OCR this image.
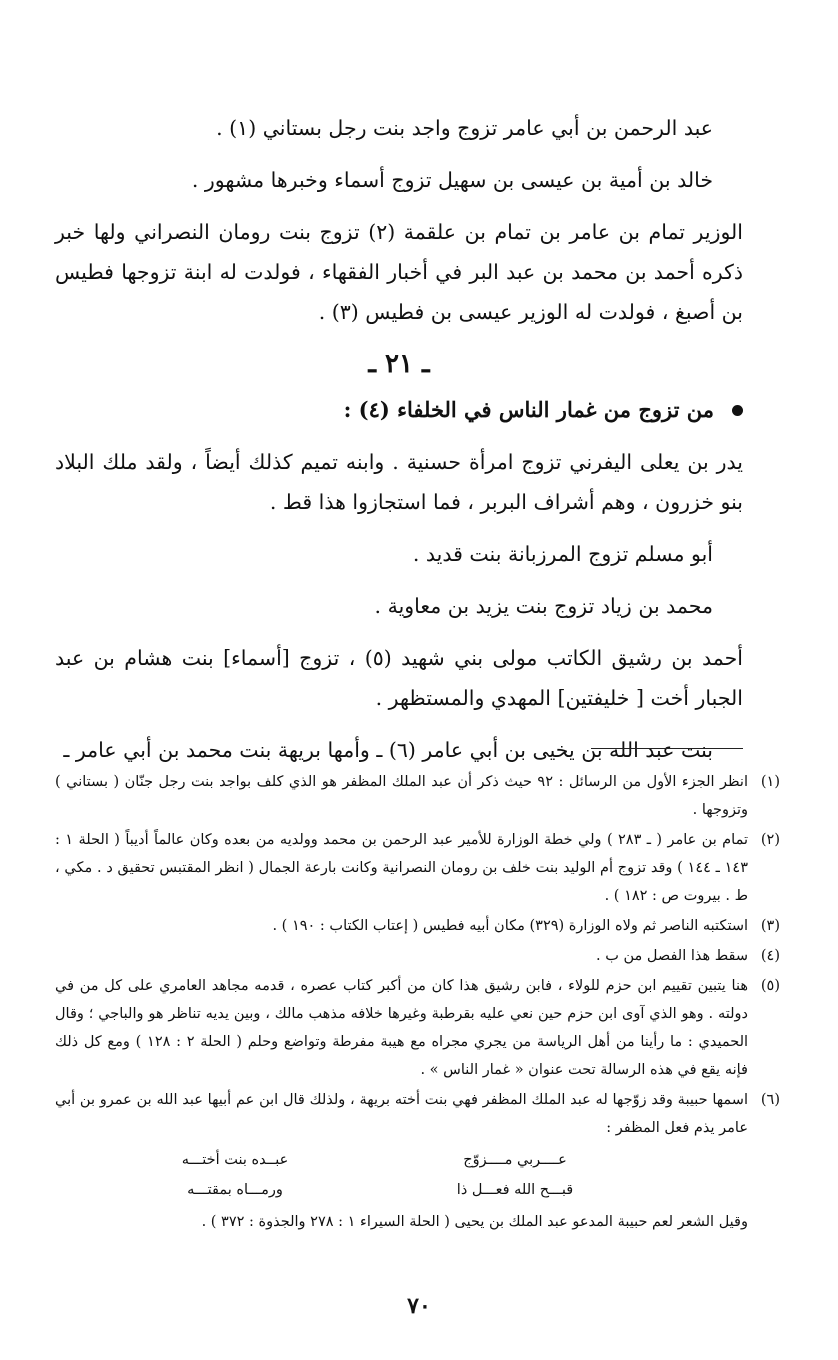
عبد الرحمن بن أبي عامر تزوج واجد بنت رجل بستاني (١) .

خالد بن أمية بن عيسى بن سهيل تزوج أسماء وخبرها مشهور .

الوزير تمام بن عامر بن تمام بن علقمة (٢) تزوج بنت رومان النصراني ولها خبر ذكره أحمد بن محمد بن عبد البر في أخبار الفقهاء ، فولدت له ابنة تزوجها فطيس بن أصبغ ، فولدت له الوزير عيسى بن فطيس (٣) .

ـ ٢١ ـ

من تزوج من غمار الناس في الخلفاء (٤) :

يدر بن يعلى اليفرني تزوج امرأة حسنية . وابنه تميم كذلك أيضاً ، ولقد ملك البلاد بنو خزرون ، وهم أشراف البربر ، فما استجازوا هذا قط .

أبو مسلم تزوج المرزبانة بنت قديد .

محمد بن زياد تزوج بنت يزيد بن معاوية .

أحمد بن رشيق الكاتب مولى بني شهيد (٥) ، تزوج [أسماء] بنت هشام بن عبد الجبار أخت [ خليفتين] المهدي والمستظهر .

بنت عبد الله بن يخيى بن أبي عامر (٦) ـ وأمها بريهة بنت محمد بن أبي عامر ـ

(١)
انظر الجزء الأول من الرسائل : ٩٢ حيث ذكر أن عبد الملك المظفر هو الذي كلف بواجد بنت رجل جنّان ( بستاني ) وتزوجها .
(٢)
تمام بن عامر ( ـ ٢٨٣ ) ولي خطة الوزارة للأمير عبد الرحمن بن محمد وولديه من بعده وكان عالماً أديباً ( الحلة ١ : ١٤٣ ـ ١٤٤ ) وقد تزوج أم الوليد بنت خلف بن رومان النصرانية وكانت بارعة الجمال ( انظر المقتبس تحقيق د . مكي ، ط . بيروت ص : ١٨٢ ) .
(٣)
استكتبه الناصر ثم ولاه الوزارة (٣٢٩) مكان أبيه فطيس ( إعتاب الكتاب : ١٩٠ ) .
(٤)
سقط هذا الفصل من ب .
(٥)
هنا يتبين تقييم ابن حزم للولاء ، فابن رشيق هذا كان من أكبر كتاب عصره ، قدمه مجاهد العامري على كل من في دولته . وهو الذي آوى ابن حزم حين نعي عليه بقرطبة وغيرها خلافه مذهب مالك ، وبين يديه تناظر هو والباجي ؛ وقال الحميدي : ما رأينا من أهل الرياسة من يجري مجراه مع هيبة مفرطة وتواضع وحلم ( الحلة ٢ : ١٢٨ ) ومع كل ذلك فإنه يقع في هذه الرسالة تحت عنوان « غمار الناس » .
(٦)
اسمها حبيبة وقد زوّجها له عبد الملك المظفر فهي بنت أخته بريهة ، ولذلك قال ابن عم أبيها عبد الله بن عمرو بن أبي عامر يذم فعل المظفر :
عــــربي مــــزوّج
عبــده بنت أختـــه
قبـــح الله فعـــل ذا
ورمـــاه بمقتـــه
وقيل الشعر لعم حبيبة المدعو عبد الملك بن يحيى ( الحلة السيراء ١ : ٢٧٨ والجذوة : ٣٧٢ ) .
٧٠
